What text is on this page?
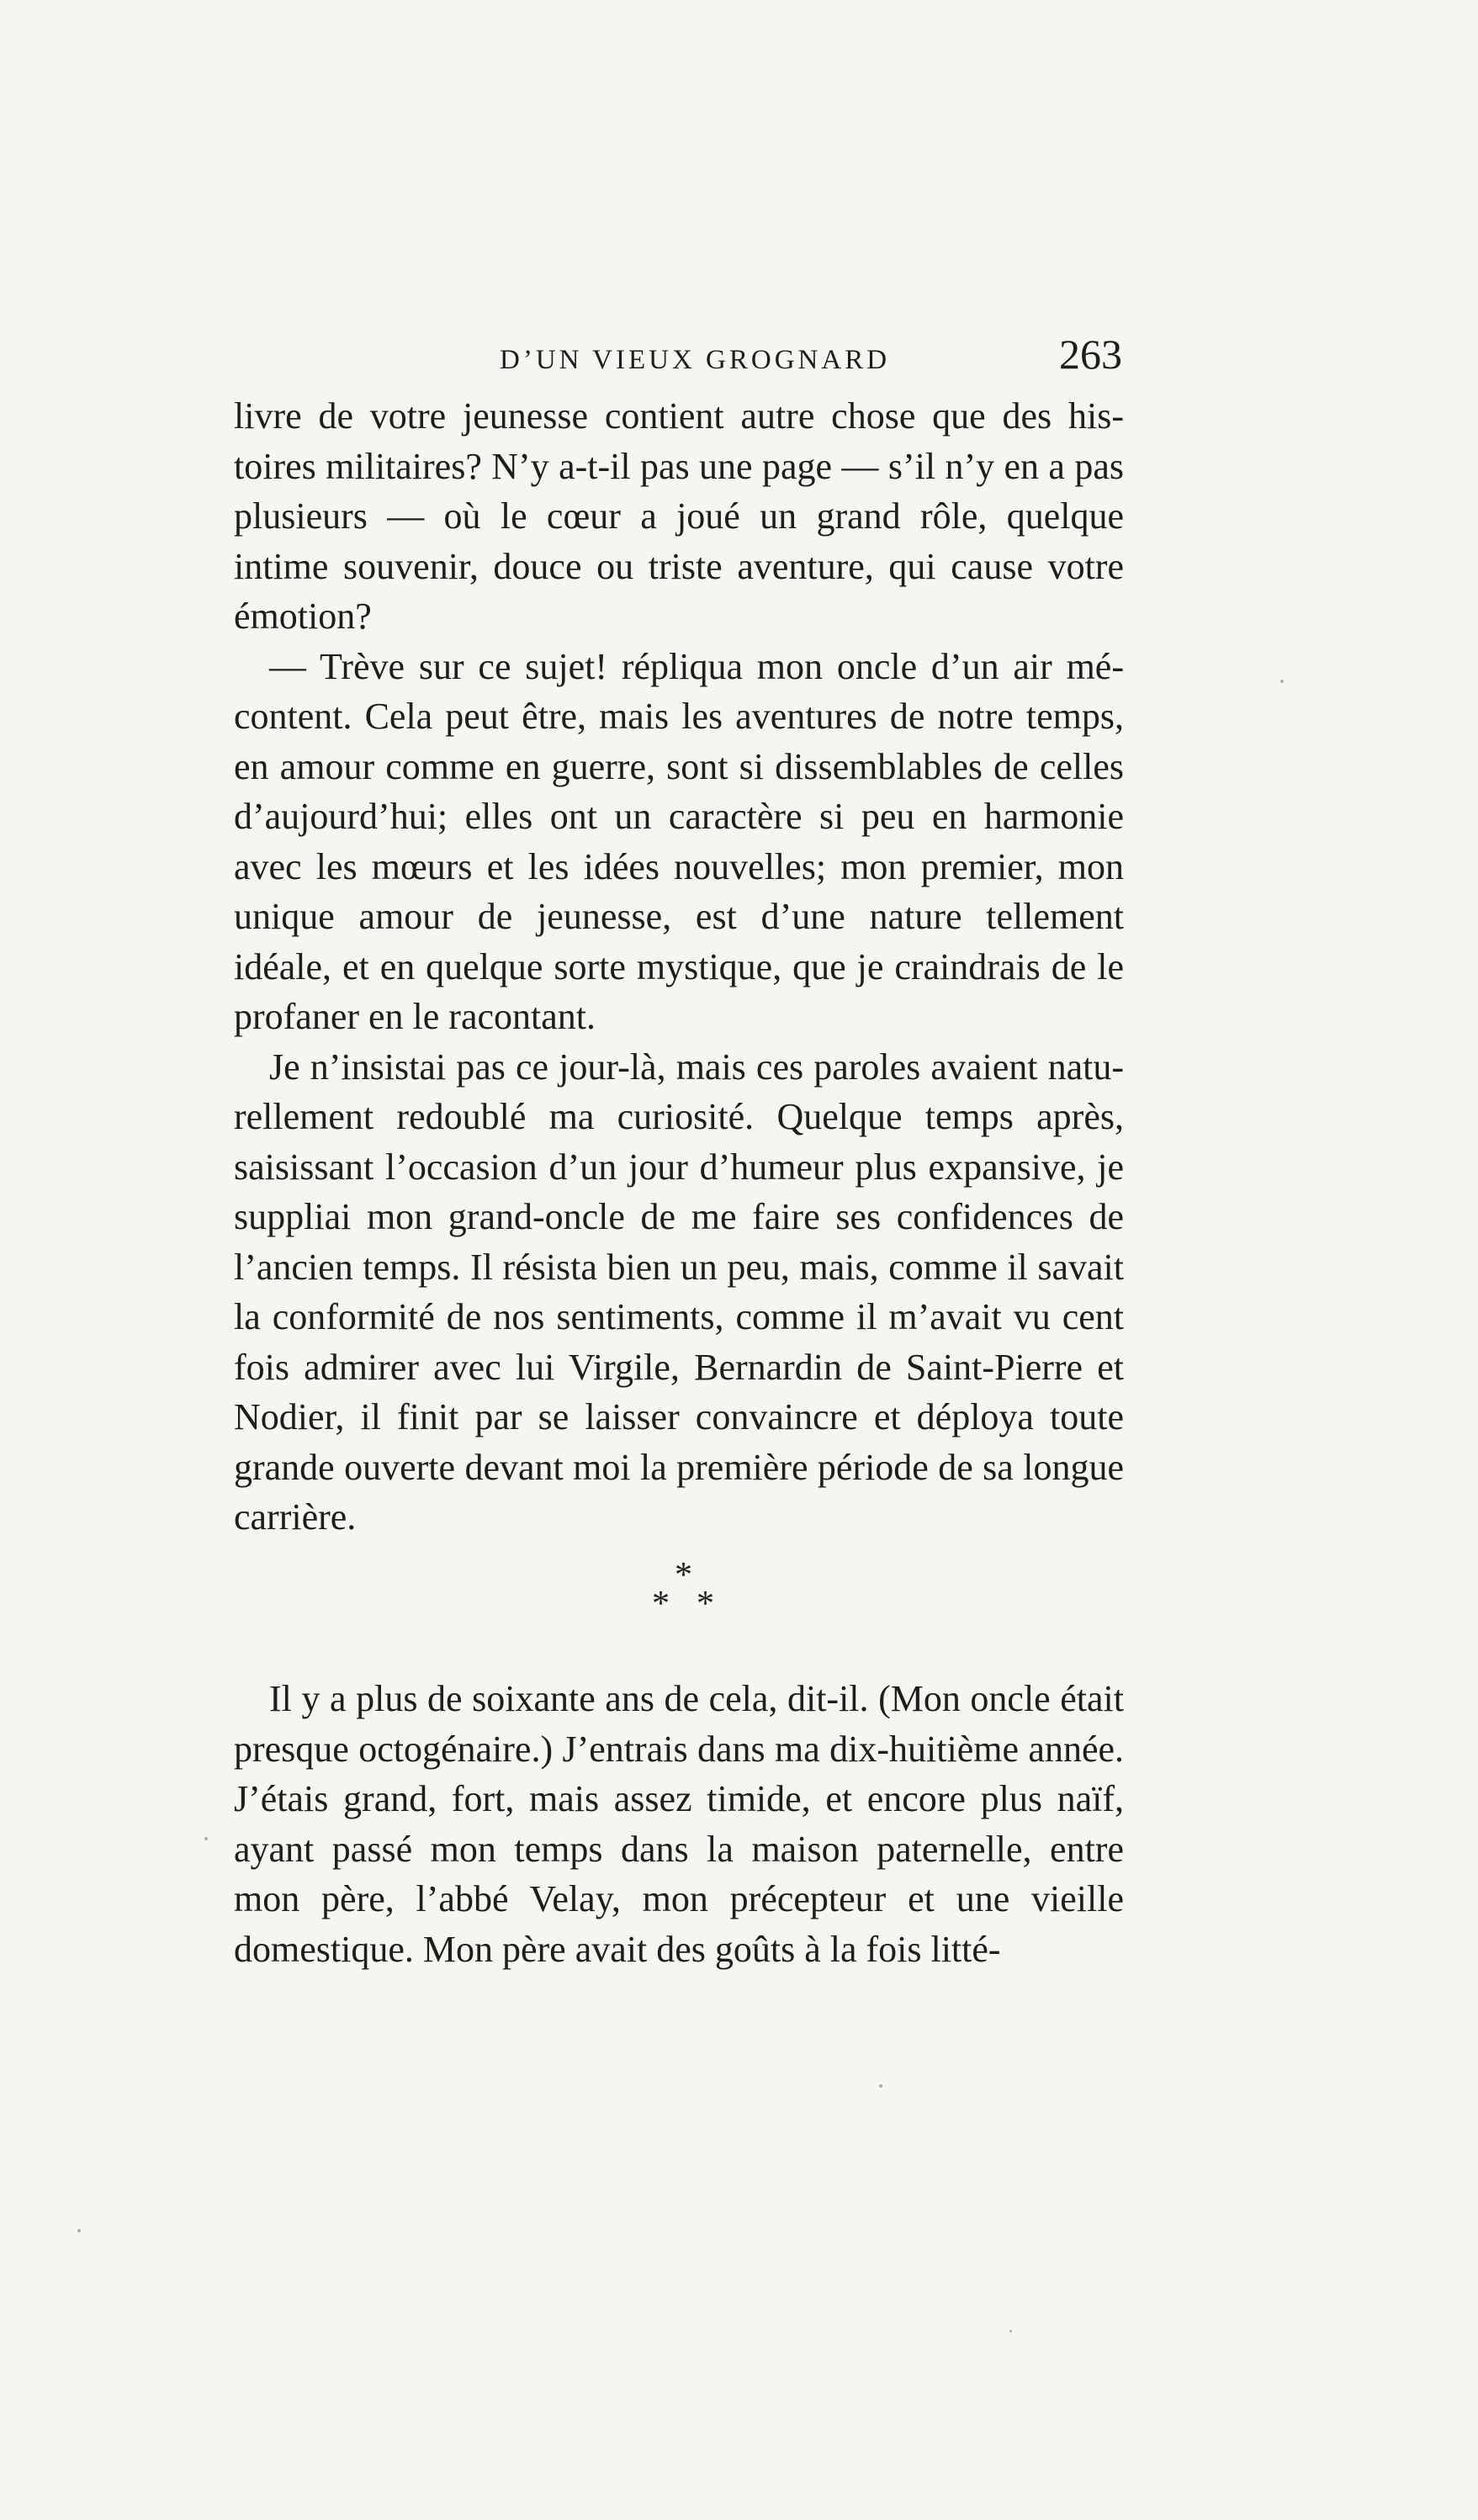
D’UN VIEUX GROGNARD	263

livre de votre jeunesse contient autre chose que des histoires militaires? N’y a-t-il pas une page — s’il n’y en a pas plusieurs — où le cœur a joué un grand rôle, quelque intime souvenir, douce ou triste aventure, qui cause votre émotion?

— Trève sur ce sujet! répliqua mon oncle d’un air mécontent. Cela peut être, mais les aventures de notre temps, en amour comme en guerre, sont si dissemblables de celles d’aujourd’hui; elles ont un caractère si peu en harmonie avec les mœurs et les idées nouvelles; mon premier, mon unique amour de jeunesse, est d’une nature tellement idéale, et en quelque sorte mystique, que je craindrais de le profaner en le racontant.

Je n’insistai pas ce jour-là, mais ces paroles avaient naturellement redoublé ma curiosité. Quelque temps après, saisissant l’occasion d’un jour d’humeur plus expansive, je suppliai mon grand-oncle de me faire ses confidences de l’ancien temps. Il résista bien un peu, mais, comme il savait la conformité de nos sentiments, comme il m’avait vu cent fois admirer avec lui Virgile, Bernardin de Saint-Pierre et Nodier, il finit par se laisser convaincre et déploya toute grande ouverte devant moi la première période de sa longue carrière.

*
* *

Il y a plus de soixante ans de cela, dit-il. (Mon oncle était presque octogénaire.) J’entrais dans ma dix-huitième année. J’étais grand, fort, mais assez timide, et encore plus naïf, ayant passé mon temps dans la maison paternelle, entre mon père, l’abbé Velay, mon précepteur et une vieille domestique. Mon père avait des goûts à la fois litté-
